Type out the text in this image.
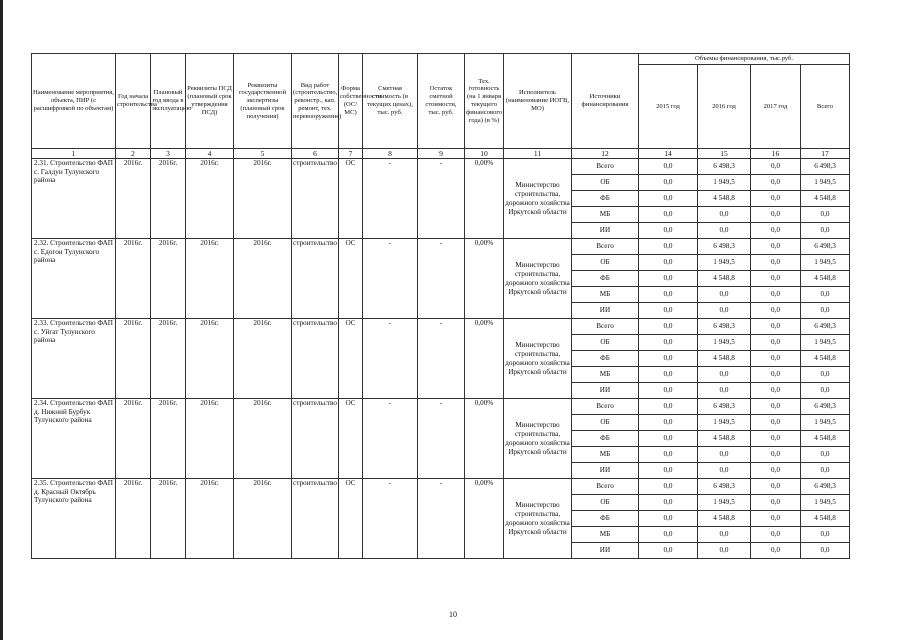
Наименование мероприятия, объекта, ПИР (с расшифровкой по объектам)	Год начала строительства	Плановый год ввода в эксплуатацию	Реквизиты ПСД (плановый срок утверждения ПСД)	Реквизиты государственной экспертизы (плановый срок получения)	Вид работ (строительство, реконстр., кап. ремонт, тех. перевооружение)	Форма собственности (ОС/МС)	Сметная стоимость (в текущих ценах), тыс. руб.	Остаток сметной стоимости, тыс. руб.	Тех. готовность (на 1 января текущего финансового года) (в %)	Исполнитель (наименование ИОГВ, МО)	Источники финансирования	Объемы финансирования, тыс.руб.			
												2015 год	2016 год	2017 год	Всего
1	2	3	4	5	6	7	8	9	10	11	12	14	15	16	17
2.31. Строительство ФАП с. Галдун Тулунского района	2016г.	2016г.	2016г.	2016г.	строительство	ОС	-	-	0,00%	Министерство строительства, дорожного хозяйства Иркутской области	Всего	0,0	6 498,3	0,0	6 498,3
											ОБ	0,0	1 949,5	0,0	1 949,5
											ФБ	0,0	4 548,8	0,0	4 548,8
											МБ	0,0	0,0	0,0	0,0
											ИИ	0,0	0,0	0,0	0,0
2.32. Строительство ФАП с. Едогон Тулунского района	2016г.	2016г.	2016г.	2016г.	строительство	ОС	-	-	0,00%	Министерство строительства, дорожного хозяйства Иркутской области	Всего	0,0	6 498,3	0,0	6 498,3
											ОБ	0,0	1 949,5	0,0	1 949,5
											ФБ	0,0	4 548,8	0,0	4 548,8
											МБ	0,0	0,0	0,0	0,0
											ИИ	0,0	0,0	0,0	0,0
2.33. Строительство ФАП с. Уйгат Тулунского района	2016г.	2016г.	2016г.	2016г.	строительство	ОС	-	-	0,00%	Министерство строительства, дорожного хозяйства Иркутской области	Всего	0,0	6 498,3	0,0	6 498,3
											ОБ	0,0	1 949,5	0,0	1 949,5
											ФБ	0,0	4 548,8	0,0	4 548,8
											МБ	0,0	0,0	0,0	0,0
											ИИ	0,0	0,0	0,0	0,0
2.34. Строительство ФАП д. Нижний Бурбук Тулунского района	2016г.	2016г.	2016г.	2016г.	строительство	ОС	-	-	0,00%	Министерство строительства, дорожного хозяйства Иркутской области	Всего	0,0	6 498,3	0,0	6 498,3
											ОБ	0,0	1 949,5	0,0	1 949,5
											ФБ	0,0	4 548,8	0,0	4 548,8
											МБ	0,0	0,0	0,0	0,0
											ИИ	0,0	0,0	0,0	0,0
2.35. Строительство ФАП д. Красный Октябрь Тулунского района	2016г.	2016г.	2016г.	2016г.	строительство	ОС	-	-	0,00%	Министерство строительства, дорожного хозяйства Иркутской области	Всего	0,0	6 498,3	0,0	6 498,3
											ОБ	0,0	1 949,5	0,0	1 949,5
											ФБ	0,0	4 548,8	0,0	4 548,8
											МБ	0,0	0,0	0,0	0,0
											ИИ	0,0	0,0	0,0	0,0
10
